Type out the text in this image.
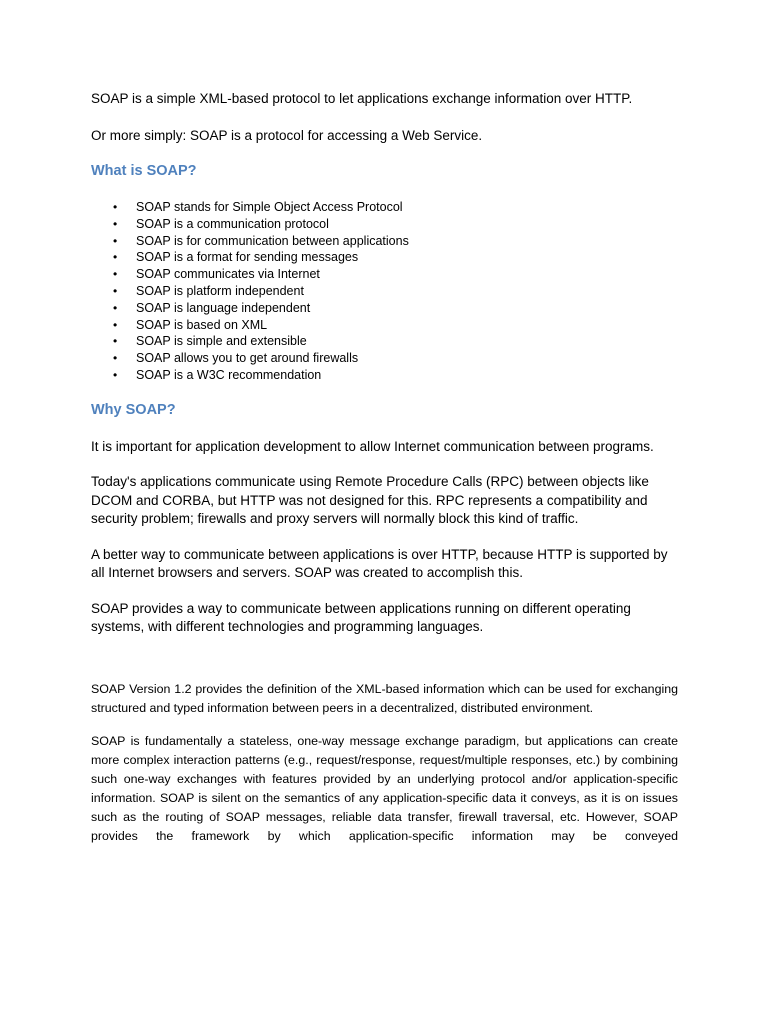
SOAP is a simple XML-based protocol to let applications exchange information over HTTP.

Or more simply: SOAP is a protocol for accessing a Web Service.

What is SOAP?
• SOAP stands for Simple Object Access Protocol
• SOAP is a communication protocol
• SOAP is for communication between applications
• SOAP is a format for sending messages
• SOAP communicates via Internet
• SOAP is platform independent
• SOAP is language independent
• SOAP is based on XML
• SOAP is simple and extensible
• SOAP allows you to get around firewalls
• SOAP is a W3C recommendation
Why SOAP?

It is important for application development to allow Internet communication between programs.

Today's applications communicate using Remote Procedure Calls (RPC) between objects like DCOM and CORBA, but HTTP was not designed for this. RPC represents a compatibility and security problem; firewalls and proxy servers will normally block this kind of traffic.

A better way to communicate between applications is over HTTP, because HTTP is supported by all Internet browsers and servers. SOAP was created to accomplish this.

SOAP provides a way to communicate between applications running on different operating systems, with different technologies and programming languages.

SOAP Version 1.2 provides the definition of the XML-based information which can be used for exchanging structured and typed information between peers in a decentralized, distributed environment.

SOAP is fundamentally a stateless, one-way message exchange paradigm, but applications can create more complex interaction patterns (e.g., request/response, request/multiple responses, etc.) by combining such one-way exchanges with features provided by an underlying protocol and/or application-specific information. SOAP is silent on the semantics of any application-specific data it conveys, as it is on issues such as the routing of SOAP messages, reliable data transfer, firewall traversal, etc. However, SOAP provides the framework by which application-specific information may be conveyed
